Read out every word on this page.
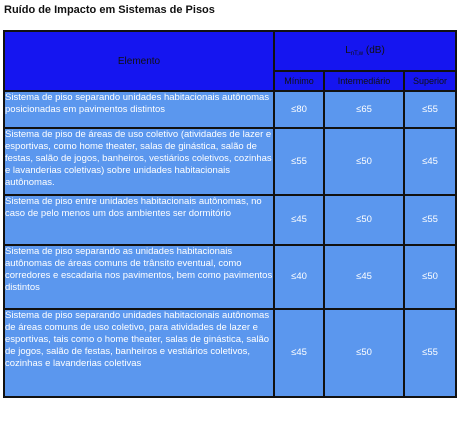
Ruído de Impacto em Sistemas de Pisos
Elemento	$L_{nT,w}$ (dB)		
	Mínimo	Intermediário	Superior
Sistema de piso separando unidades habitacionais autônomas posicionadas em pavimentos distintos	≤80	≤65	≤55
Sistema de piso de áreas de uso coletivo (atividades de lazer e esportivas, como home theater, salas de ginástica, salão de festas, salão de jogos, banheiros, vestiários coletivos, cozinhas e lavanderias coletivas) sobre unidades habitacionais autônomas.	≤55	≤50	≤45
Sistema de piso entre unidades habitacionais autônomas, no caso de pelo menos um dos ambientes ser dormitório	≤45	≤50	≤55
Sistema de piso separando as unidades habitacionais autônomas de áreas comuns de trânsito eventual, como corredores e escadaria nos pavimentos, bem como pavimentos distintos	≤40	≤45	≤50
Sistema de piso separando unidades habitacionais autônomas de áreas comuns de uso coletivo, para atividades de lazer e esportivas, tais como o home theater, salas de ginástica, salão de jogos, salão de festas, banheiros e vestiários coletivos, cozinhas e lavanderias coletivas	≤45	≤50	≤55
